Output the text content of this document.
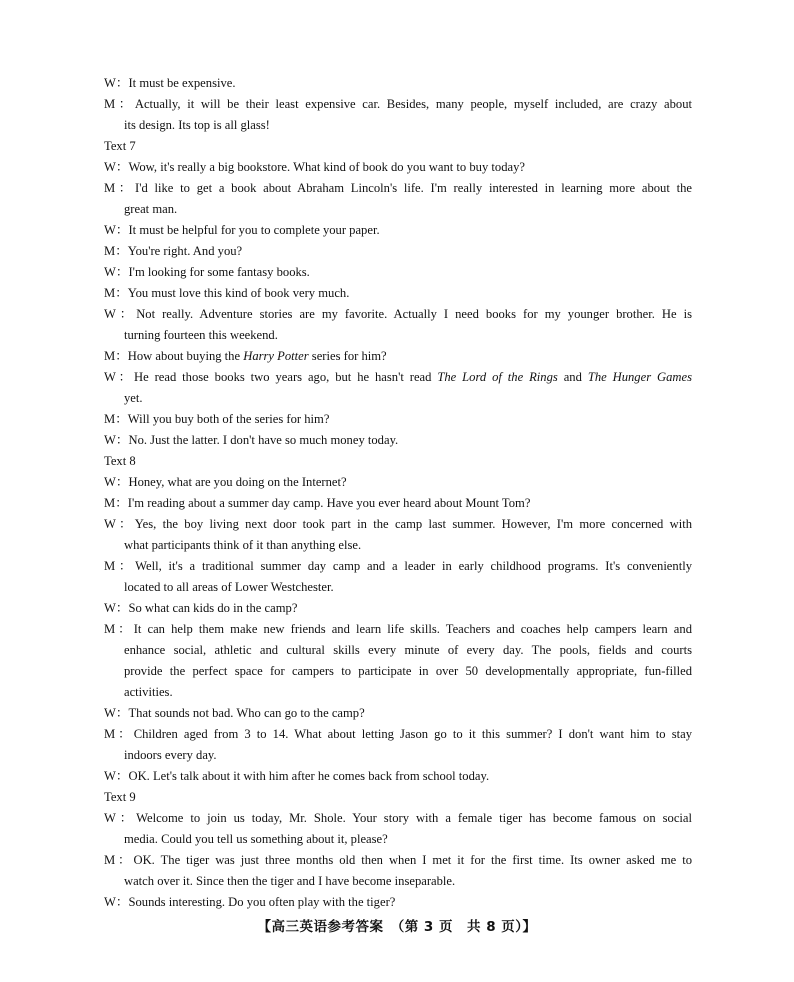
W：It must be expensive.
M：Actually, it will be their least expensive car. Besides, many people, myself included, are crazy about
its design. Its top is all glass!
Text 7
W：Wow, it's really a big bookstore. What kind of book do you want to buy today?
M：I'd like to get a book about Abraham Lincoln's life. I'm really interested in learning more about the
great man.
W：It must be helpful for you to complete your paper.
M：You're right. And you?
W：I'm looking for some fantasy books.
M：You must love this kind of book very much.
W：Not really. Adventure stories are my favorite. Actually I need books for my younger brother. He is
turning fourteen this weekend.
M：How about buying the Harry Potter series for him?
W：He read those books two years ago, but he hasn't read The Lord of the Rings and The Hunger Games
yet.
M：Will you buy both of the series for him?
W：No. Just the latter. I don't have so much money today.
Text 8
W：Honey, what are you doing on the Internet?
M：I'm reading about a summer day camp. Have you ever heard about Mount Tom?
W：Yes, the boy living next door took part in the camp last summer. However, I'm more concerned with
what participants think of it than anything else.
M：Well, it's a traditional summer day camp and a leader in early childhood programs. It's conveniently
located to all areas of Lower Westchester.
W：So what can kids do in the camp?
M：It can help them make new friends and learn life skills. Teachers and coaches help campers learn and
enhance social, athletic and cultural skills every minute of every day. The pools, fields and courts
provide the perfect space for campers to participate in over 50 developmentally appropriate, fun-filled
activities.
W：That sounds not bad. Who can go to the camp?
M：Children aged from 3 to 14. What about letting Jason go to it this summer? I don't want him to stay
indoors every day.
W：OK. Let's talk about it with him after he comes back from school today.
Text 9
W：Welcome to join us today, Mr. Shole. Your story with a female tiger has become famous on social
media. Could you tell us something about it, please?
M：OK. The tiger was just three months old then when I met it for the first time. Its owner asked me to
watch over it. Since then the tiger and I have become inseparable.
W：Sounds interesting. Do you often play with the tiger?
【高三英语参考答案　（第 3 页　共 8 页）】
